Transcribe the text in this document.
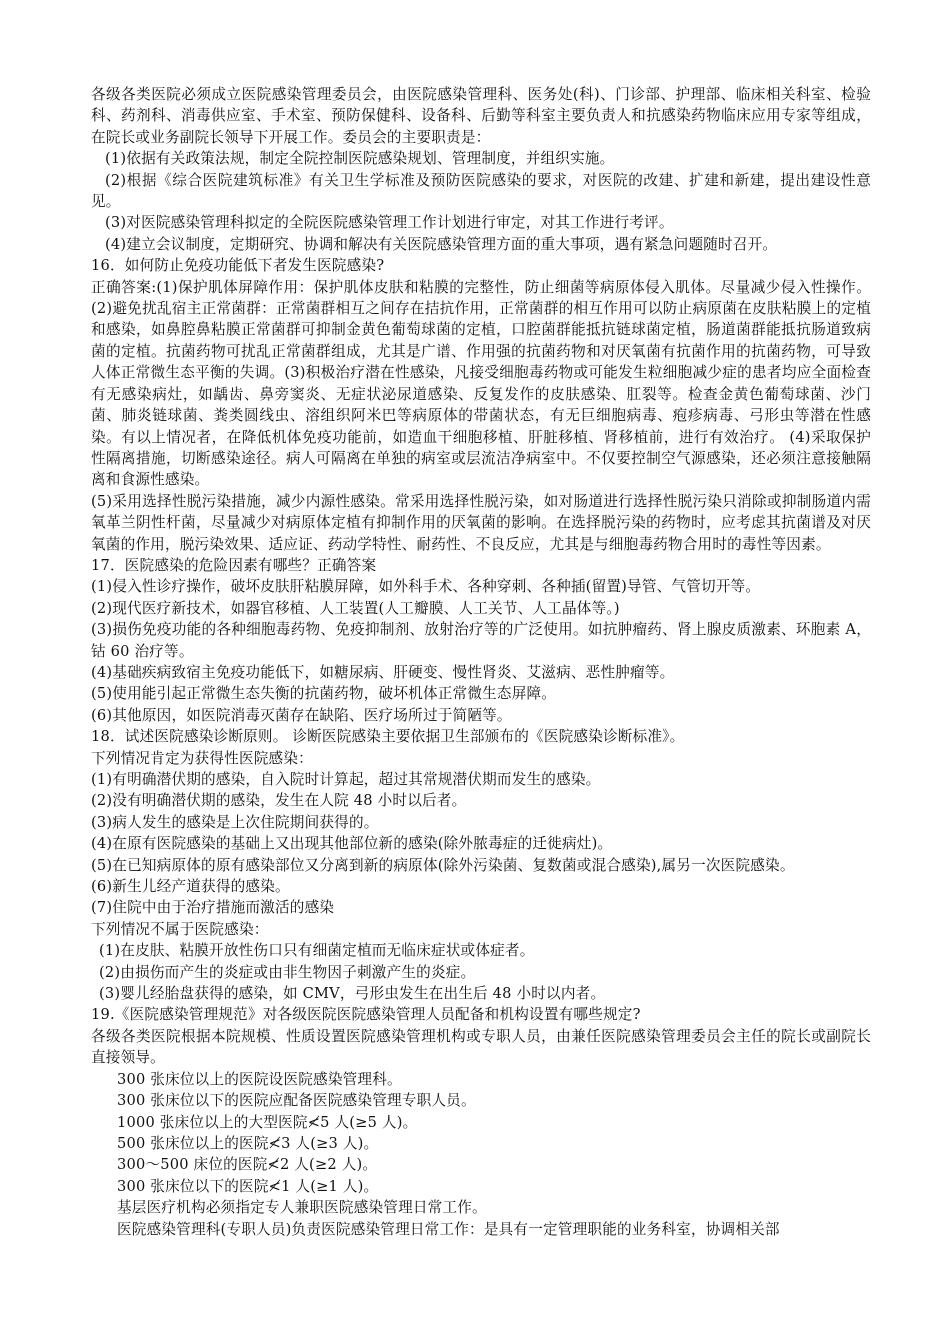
各级各类医院必须成立医院感染管理委员会，由医院感染管理科、医务处(科)、门诊部、护理部、临床相关科室、检验科、药剂科、消毒供应室、手术室、预防保健科、设备科、后勤等科室主要负责人和抗感染药物临床应用专家等组成，在院长或业务副院长领导下开展工作。委员会的主要职责是：

(1)依据有关政策法规，制定全院控制医院感染规划、管理制度，并组织实施。

(2)根据《综合医院建筑标准》有关卫生学标准及预防医院感染的要求，对医院的改建、扩建和新建，提出建设性意见。

(3)对医院感染管理科拟定的全院医院感染管理工作计划进行审定，对其工作进行考评。

(4)建立会议制度，定期研究、协调和解决有关医院感染管理方面的重大事项，遇有紧急问题随时召开。

16．如何防止免疫功能低下者发生医院感染?

正确答案:(1)保护肌体屏障作用：保护肌体皮肤和粘膜的完整性，防止细菌等病原体侵入肌体。尽量减少侵入性操作。 (2)避免扰乱宿主正常菌群：正常菌群相互之间存在拮抗作用，正常菌群的相互作用可以防止病原菌在皮肤粘膜上的定植和感染，如鼻腔鼻粘膜正常菌群可抑制金黄色葡萄球菌的定植，口腔菌群能抵抗链球菌定植，肠道菌群能抵抗肠道致病菌的定植。抗菌药物可扰乱正常菌群组成，尤其是广谱、作用强的抗菌药物和对厌氧菌有抗菌作用的抗菌药物，可导致人体正常微生态平衡的失调。(3)积极治疗潜在性感染，凡接受细胞毒药物或可能发生粒细胞减少症的患者均应全面检查有无感染病灶，如龋齿、鼻旁窦炎、无症状泌尿道感染、反复发作的皮肤感染、肛裂等。检查金黄色葡萄球菌、沙门菌、肺炎链球菌、粪类圆线虫、溶组织阿米巴等病原体的带菌状态，有无巨细胞病毒、疱疹病毒、弓形虫等潜在性感染。有以上情况者，在降低机体免疫功能前，如造血干细胞移植、肝脏移植、肾移植前，进行有效治疗。 (4)采取保护性隔离措施，切断感染途径。病人可隔离在单独的病室或层流洁净病室中。不仅要控制空气源感染，还必须注意接触隔离和食源性感染。

(5)采用选择性脱污染措施，减少内源性感染。常采用选择性脱污染，如对肠道进行选择性脱污染只消除或抑制肠道内需氧革兰阴性杆菌，尽量减少对病原体定植有抑制作用的厌氧菌的影响。在选择脱污染的药物时，应考虑其抗菌谱及对厌氧菌的作用，脱污染效果、适应证、药动学特性、耐药性、不良反应，尤其是与细胞毒药物合用时的毒性等因素。

17．医院感染的危险因素有哪些？正确答案

(1)侵入性诊疗操作，破坏皮肤肝粘膜屏障，如外科手术、各种穿刺、各种插(留置)导管、气管切开等。

(2)现代医疗新技术，如器官移植、人工装置(人工瓣膜、人工关节、人工晶体等。)

(3)损伤免疫功能的各种细胞毒药物、免疫抑制剂、放射治疗等的广泛使用。如抗肿瘤药、肾上腺皮质激素、环胞素 A，钴 60 治疗等。

(4)基础疾病致宿主免疫功能低下，如糖尿病、肝硬变、慢性肾炎、艾滋病、恶性肿瘤等。

(5)使用能引起正常微生态失衡的抗菌药物，破坏机体正常微生态屏障。

(6)其他原因，如医院消毒灭菌存在缺陷、医疗场所过于简陋等。

18．试述医院感染诊断原则。 诊断医院感染主要依据卫生部颁布的《医院感染诊断标准》。

下列情况肯定为获得性医院感染：

(1)有明确潜伏期的感染，自入院时计算起，超过其常规潜伏期而发生的感染。

(2)没有明确潜伏期的感染，发生在人院 48 小时以后者。

(3)病人发生的感染是上次住院期间获得的。

(4)在原有医院感染的基础上又出现其他部位新的感染(除外脓毒症的迁徙病灶)。

(5)在已知病原体的原有感染部位又分离到新的病原体(除外污染菌、复数菌或混合感染),属另一次医院感染。

(6)新生儿经产道获得的感染。

(7)住院中由于治疗措施而激活的感染

下列情况不属于医院感染：

(1)在皮肤、粘膜开放性伤口只有细菌定植而无临床症状或体症者。

(2)由损伤而产生的炎症或由非生物因子刺激产生的炎症。

(3)婴儿经胎盘获得的感染，如 CMV，弓形虫发生在出生后 48 小时以内者。

19.《医院感染管理规范》对各级医院医院感染管理人员配备和机构设置有哪些规定?

各级各类医院根据本院规模、性质设置医院感染管理机构或专职人员，由兼任医院感染管理委员会主任的院长或副院长直接领导。

300 张床位以上的医院设医院感染管理科。

300 张床位以下的医院应配备医院感染管理专职人员。

1000 张床位以上的大型医院≮5 人(≥5 人)。

500 张床位以上的医院≮3 人(≥3 人)。

300～500 床位的医院≮2 人(≥2 人)。

300 张床位以下的医院≮1 人(≥1 人)。

基层医疗机构必须指定专人兼职医院感染管理日常工作。

医院感染管理科(专职人员)负责医院感染管理日常工作：是具有一定管理职能的业务科室，协调相关部
